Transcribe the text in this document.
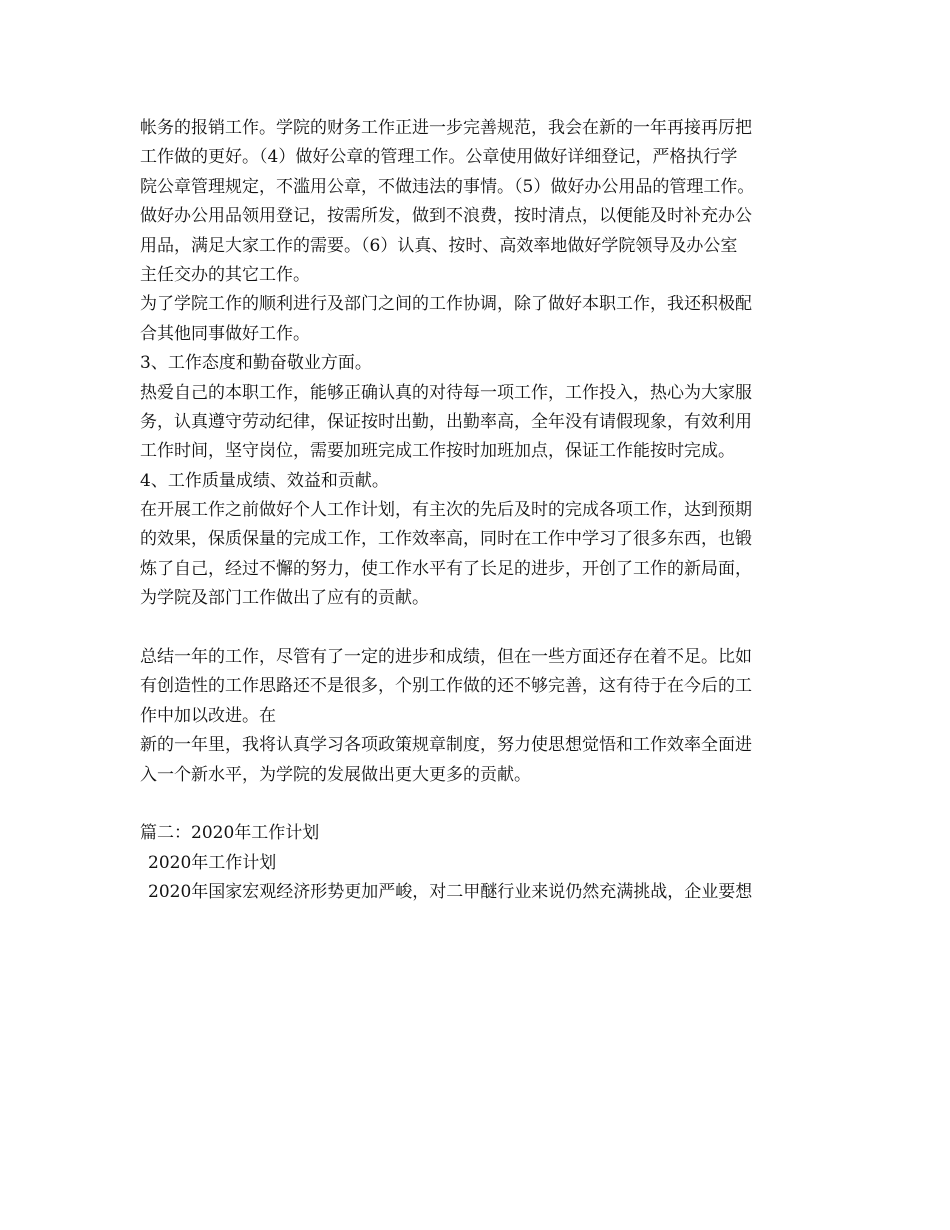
帐务的报销工作。学院的财务工作正进一步完善规范，我会在新的一年再接再厉把
工作做的更好。（4）做好公章的管理工作。公章使用做好详细登记，严格执行学
院公章管理规定，不滥用公章，不做违法的事情。（5）做好办公用品的管理工作。
做好办公用品领用登记，按需所发，做到不浪费，按时清点，以便能及时补充办公
用品，满足大家工作的需要。（6）认真、按时、高效率地做好学院领导及办公室
主任交办的其它工作。
为了学院工作的顺利进行及部门之间的工作协调，除了做好本职工作，我还积极配
合其他同事做好工作。
3、工作态度和勤奋敬业方面。
热爱自己的本职工作，能够正确认真的对待每一项工作，工作投入，热心为大家服
务，认真遵守劳动纪律，保证按时出勤，出勤率高，全年没有请假现象，有效利用
工作时间，坚守岗位，需要加班完成工作按时加班加点，保证工作能按时完成。
4、工作质量成绩、效益和贡献。
在开展工作之前做好个人工作计划，有主次的先后及时的完成各项工作，达到预期
的效果，保质保量的完成工作，工作效率高，同时在工作中学习了很多东西，也锻
炼了自己，经过不懈的努力，使工作水平有了长足的进步，开创了工作的新局面，
为学院及部门工作做出了应有的贡献。
总结一年的工作，尽管有了一定的进步和成绩，但在一些方面还存在着不足。比如
有创造性的工作思路还不是很多，个别工作做的还不够完善，这有待于在今后的工
作中加以改进。在
新的一年里，我将认真学习各项政策规章制度，努力使思想觉悟和工作效率全面进
入一个新水平，为学院的发展做出更大更多的贡献。
篇二：2020年工作计划
2020年工作计划
2020年国家宏观经济形势更加严峻，对二甲醚行业来说仍然充满挑战，企业要想
